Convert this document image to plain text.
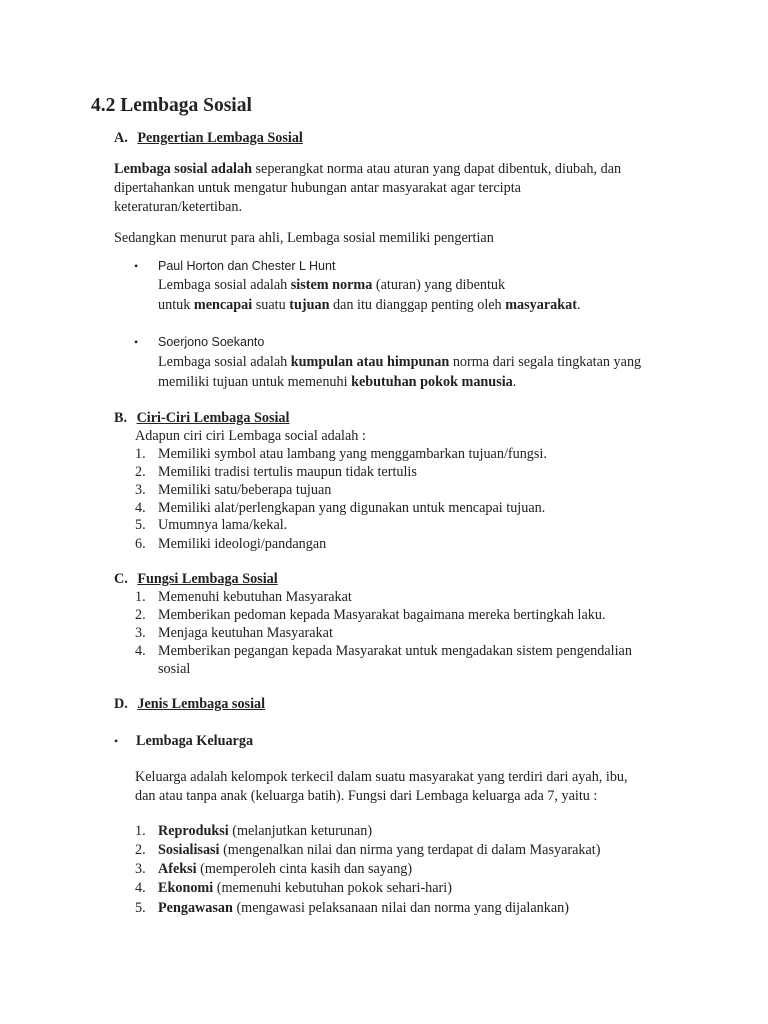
4.2 Lembaga Sosial
A. Pengertian Lembaga Sosial
Lembaga sosial adalah seperangkat norma atau aturan yang dapat dibentuk, diubah, dan
dipertahankan untuk mengatur hubungan antar masyarakat agar tercipta
keteraturan/ketertiban.
Sedangkan menurut para ahli, Lembaga sosial memiliki pengertian
• Paul Horton dan Chester L Hunt
Lembaga sosial adalah sistem norma (aturan) yang dibentuk
untuk mencapai suatu tujuan dan itu dianggap penting oleh masyarakat.
• Soerjono Soekanto
Lembaga sosial adalah kumpulan atau himpunan norma dari segala tingkatan yang
memiliki tujuan untuk memenuhi kebutuhan pokok manusia.
B. Ciri-Ciri Lembaga Sosial
Adapun ciri ciri Lembaga social adalah :
1. Memiliki symbol atau lambang yang menggambarkan tujuan/fungsi.
2. Memiliki tradisi tertulis maupun tidak tertulis
3. Memiliki satu/beberapa tujuan
4. Memiliki alat/perlengkapan yang digunakan untuk mencapai tujuan.
5. Umumnya lama/kekal.
6. Memiliki ideologi/pandangan
C. Fungsi Lembaga Sosial
1. Memenuhi kebutuhan Masyarakat
2. Memberikan pedoman kepada Masyarakat bagaimana mereka bertingkah laku.
3. Menjaga keutuhan Masyarakat
4. Memberikan pegangan kepada Masyarakat untuk mengadakan sistem pengendalian
sosial
D. Jenis Lembaga sosial
• Lembaga Keluarga
Keluarga adalah kelompok terkecil dalam suatu masyarakat yang terdiri dari ayah, ibu,
dan atau tanpa anak (keluarga batih). Fungsi dari Lembaga keluarga ada 7, yaitu :
1. Reproduksi (melanjutkan keturunan)
2. Sosialisasi (mengenalkan nilai dan nirma yang terdapat di dalam Masyarakat)
3. Afeksi (memperoleh cinta kasih dan sayang)
4. Ekonomi (memenuhi kebutuhan pokok sehari-hari)
5. Pengawasan (mengawasi pelaksanaan nilai dan norma yang dijalankan)
